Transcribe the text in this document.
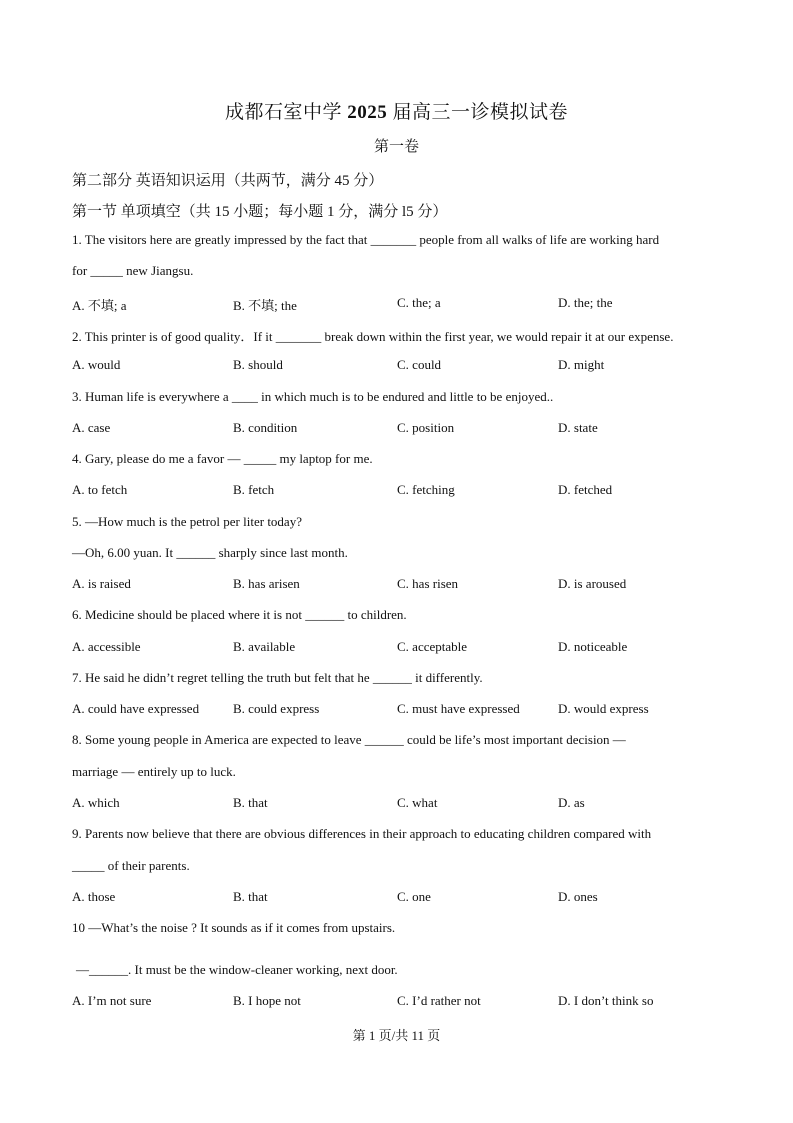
成都石室中学 2025 届高三一诊模拟试卷
第一卷
第二部分 英语知识运用（共两节，满分 45 分）
第一节 单项填空（共 15 小题；每小题 1 分，满分 l5 分）
1. The visitors here are greatly impressed by the fact that _______ people from all walks of life are working hard
for _____ new Jiangsu.
A. 不填; a	B. 不填; the	C. the; a	D. the; the
2. This printer is of good quality．If it _______ break down within the first year, we would repair it at our expense.
A. would	B. should	C. could	D. might
3. Human life is everywhere a ____ in which much is to be endured and little to be enjoyed..
A. case	B. condition	C. position	D. state
4. Gary, please do me a favor — _____ my laptop for me.
A. to fetch	B. fetch	C. fetching	D. fetched
5. —How much is the petrol per liter today?
—Oh, 6.00 yuan. It ______ sharply since last month.
A. is raised	B. has arisen	C. has risen	D. is aroused
6. Medicine should be placed where it is not ______ to children.
A. accessible	B. available	C. acceptable	D. noticeable
7. He said he didn’t regret telling the truth but felt that he ______ it differently.
A. could have expressed	B. could express	C. must have expressed	D. would express
8. Some young people in America are expected to leave ______ could be life’s most important decision —
marriage — entirely up to luck.
A. which	B. that	C. what	D. as
9. Parents now believe that there are obvious differences in their approach to educating children compared with
_____ of their parents.
A. those	B. that	C. one	D. ones
10 —What’s the noise ? It sounds as if it comes from upstairs.
—______. It must be the window-cleaner working, next door.
A. I’m not sure	B. I hope not	C. I’d rather not	D. I don’t think so
第 1 页/共 11 页
